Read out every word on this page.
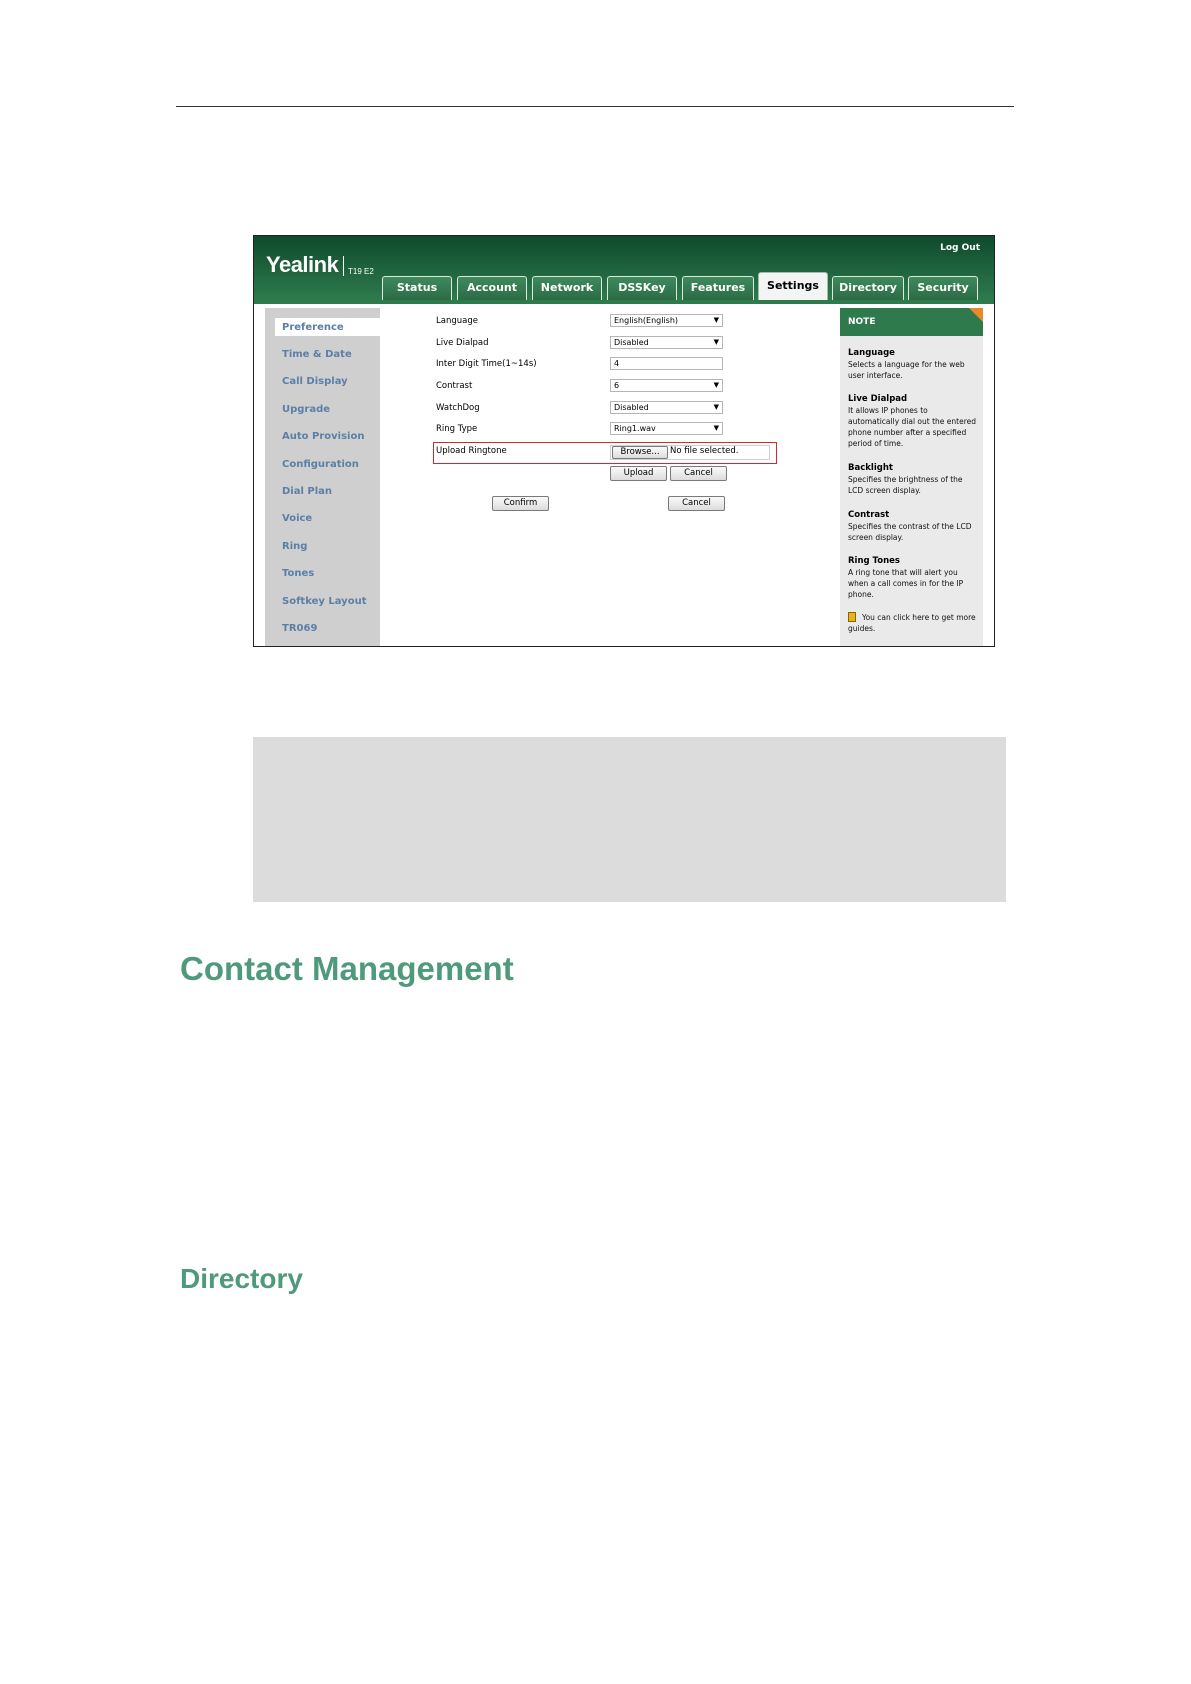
Yealink T19 E2
Log Out
Status	Account	Network	DSSKey	Features	Settings	Directory	Security
Preference
Time & Date
Call Display
Upgrade
Auto Provision
Configuration
Dial Plan
Voice
Ring
Tones
Softkey Layout
TR069
Language	English(English)	▼
Live Dialpad	Disabled	▼
Inter Digit Time(1~14s)	4
Contrast	6	▼
WatchDog	Disabled	▼
Ring Type	Ring1.wav	▼
Upload Ringtone	Browse...	No file selected.
Upload	Cancel
Confirm	Cancel
NOTE
Language
Selects a language for the web user interface.
Live Dialpad
It allows IP phones to automatically dial out the entered phone number after a specified period of time.
Backlight
Specifies the brightness of the LCD screen display.
Contrast
Specifies the contrast of the LCD screen display.
Ring Tones
A ring tone that will alert you when a call comes in for the IP phone.
You can click here to get more guides.
Contact Management
Directory
